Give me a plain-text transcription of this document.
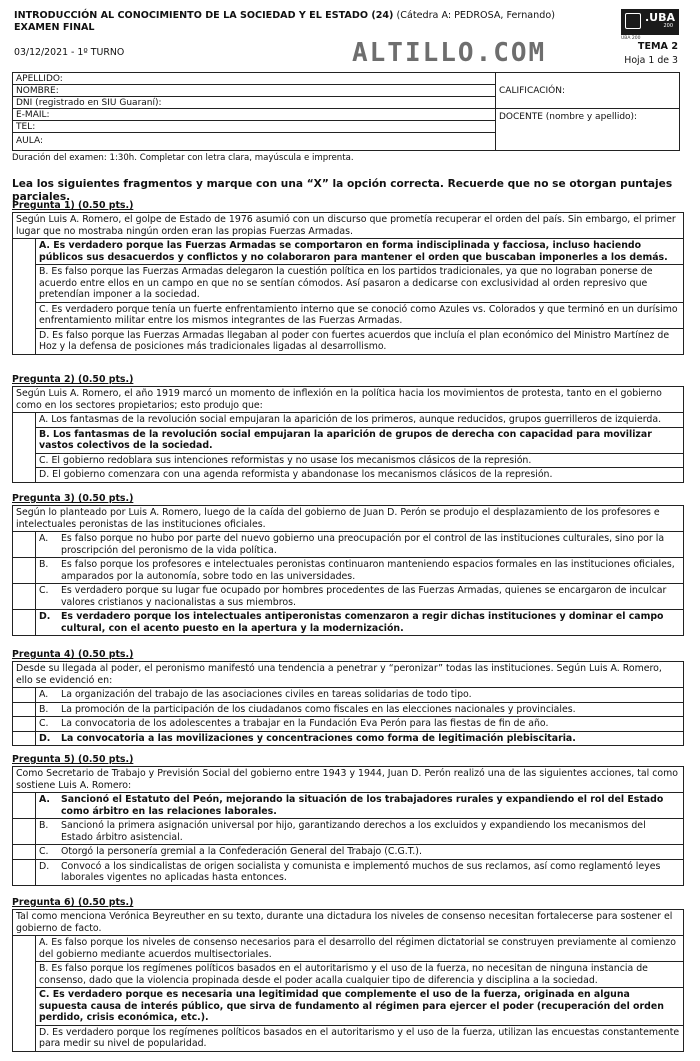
INTRODUCCIÓN AL CONOCIMIENTO DE LA SOCIEDAD Y EL ESTADO (24) (Cátedra A: PEDROSA, Fernando)
EXAMEN FINAL
03/12/2021 - 1º TURNO	ALTILLO.COM
.UBA
200
UBA 200
TEMA 2
Hoja 1 de 3
APELLIDO:
NOMBRE:
DNI (registrado en SIU Guaraní):
E-MAIL:
TEL:
AULA:
CALIFICACIÓN:
DOCENTE (nombre y apellido):
Duración del examen: 1:30h. Completar con letra clara, mayúscula e imprenta.
Lea los siguientes fragmentos y marque con una “X” la opción correcta. Recuerde que no se otorgan puntajes parciales.
Pregunta 1) (0.50 pts.)
Según Luis A. Romero, el golpe de Estado de 1976 asumió con un discurso que prometía recuperar el orden del país. Sin embargo, el primer lugar que no mostraba ningún orden eran las propias Fuerzas Armadas.
A. Es verdadero porque las Fuerzas Armadas se comportaron en forma indisciplinada y facciosa, incluso haciendo públicos sus desacuerdos y conflictos y no colaboraron para mantener el orden que buscaban imponerles a los demás.
B. Es falso porque las Fuerzas Armadas delegaron la cuestión política en los partidos tradicionales, ya que no lograban ponerse de acuerdo entre ellos en un campo en que no se sentían cómodos. Así pasaron a dedicarse con exclusividad al orden represivo que pretendían imponer a la sociedad.
C. Es verdadero porque tenía un fuerte enfrentamiento interno que se conoció como Azules vs. Colorados y que terminó en un durísimo enfrentamiento militar entre los mismos integrantes de las Fuerzas Armadas.
D. Es falso porque las Fuerzas Armadas llegaban al poder con fuertes acuerdos que incluía el plan económico del Ministro Martínez de Hoz y la defensa de posiciones más tradicionales ligadas al desarrollismo.
Pregunta 2) (0.50 pts.)
Según Luis A. Romero, el año 1919 marcó un momento de inflexión en la política hacia los movimientos de protesta, tanto en el gobierno como en los sectores propietarios; esto produjo que:
A. Los fantasmas de la revolución social empujaran la aparición de los primeros, aunque reducidos, grupos guerrilleros de izquierda.
B. Los fantasmas de la revolución social empujaran la aparición de grupos de derecha con capacidad para movilizar vastos colectivos de la sociedad.
C. El gobierno redoblara sus intenciones reformistas y no usase los mecanismos clásicos de la represión.
D. El gobierno comenzara con una agenda reformista y abandonase los mecanismos clásicos de la represión.
Pregunta 3) (0.50 pts.)
Según lo planteado por Luis A. Romero, luego de la caída del gobierno de Juan D. Perón se produjo el desplazamiento de los profesores e intelectuales peronistas de las instituciones oficiales.
A.	Es falso porque no hubo por parte del nuevo gobierno una preocupación por el control de las instituciones culturales, sino por la proscripción del peronismo de la vida política.
B.	Es falso porque los profesores e intelectuales peronistas continuaron manteniendo espacios formales en las instituciones oficiales, amparados por la autonomía, sobre todo en las universidades.
C.	Es verdadero porque su lugar fue ocupado por hombres procedentes de las Fuerzas Armadas, quienes se encargaron de inculcar valores cristianos y nacionalistas a sus miembros.
D.	Es verdadero porque los intelectuales antiperonistas comenzaron a regir dichas instituciones y dominar el campo cultural, con el acento puesto en la apertura y la modernización.
Pregunta 4) (0.50 pts.)
Desde su llegada al poder, el peronismo manifestó una tendencia a penetrar y “peronizar” todas las instituciones. Según Luis A. Romero, ello se evidenció en:
A.	La organización del trabajo de las asociaciones civiles en tareas solidarias de todo tipo.
B.	La promoción de la participación de los ciudadanos como fiscales en las elecciones nacionales y provinciales.
C.	La convocatoria de los adolescentes a trabajar en la Fundación Eva Perón para las fiestas de fin de año.
D.	La convocatoria a las movilizaciones y concentraciones como forma de legitimación plebiscitaria.
Pregunta 5) (0.50 pts.)
Como Secretario de Trabajo y Previsión Social del gobierno entre 1943 y 1944, Juan D. Perón realizó una de las siguientes acciones, tal como sostiene Luis A. Romero:
A.	Sancionó el Estatuto del Peón, mejorando la situación de los trabajadores rurales y expandiendo el rol del Estado como árbitro en las relaciones laborales.
B.	Sancionó la primera asignación universal por hijo, garantizando derechos a los excluidos y expandiendo los mecanismos del Estado árbitro asistencial.
C.	Otorgó la personería gremial a la Confederación General del Trabajo (C.G.T.).
D.	Convocó a los sindicalistas de origen socialista y comunista e implementó muchos de sus reclamos, así como reglamentó leyes laborales vigentes no aplicadas hasta entonces.
Pregunta 6) (0.50 pts.)
Tal como menciona Verónica Beyreuther en su texto, durante una dictadura los niveles de consenso necesitan fortalecerse para sostener el gobierno de facto.
A. Es falso porque los niveles de consenso necesarios para el desarrollo del régimen dictatorial se construyen previamente al comienzo del gobierno mediante acuerdos multisectoriales.
B. Es falso porque los regímenes políticos basados en el autoritarismo y el uso de la fuerza, no necesitan de ninguna instancia de consenso, dado que la violencia propinada desde el poder acalla cualquier tipo de diferencia y disciplina a la sociedad.
C. Es verdadero porque es necesaria una legitimidad que complemente el uso de la fuerza, originada en alguna supuesta causa de interés público, que sirva de fundamento al régimen para ejercer el poder (recuperación del orden perdido, crisis económica, etc.).
D. Es verdadero porque los regímenes políticos basados en el autoritarismo y el uso de la fuerza, utilizan las encuestas constantemente para medir su nivel de popularidad.
